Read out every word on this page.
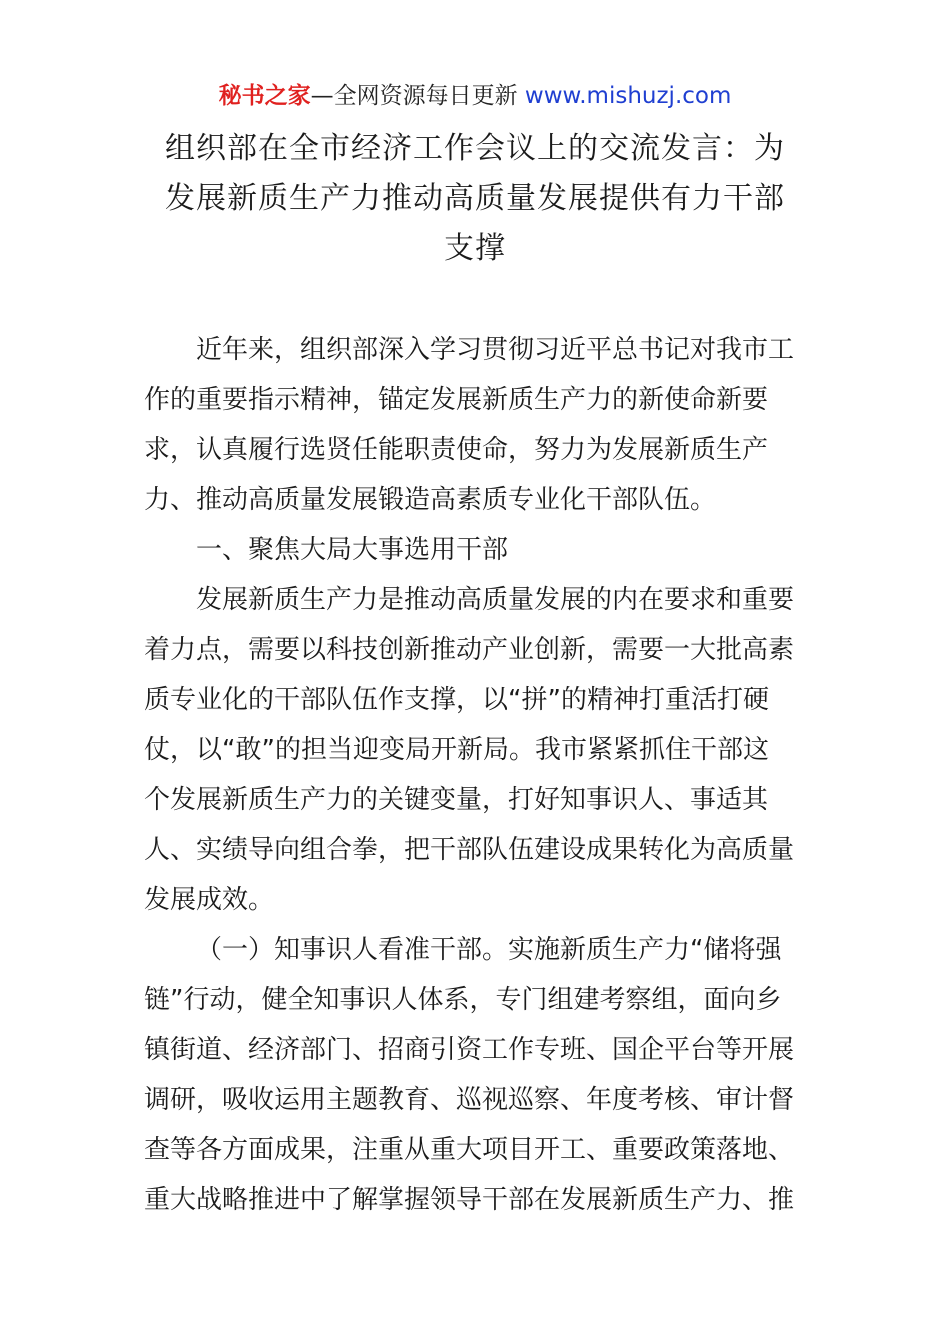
秘书之家—全网资源每日更新 www.mishuzj.com
组织部在全市经济工作会议上的交流发言：为
发展新质生产力推动高质量发展提供有力干部
支撑
近年来，组织部深入学习贯彻习近平总书记对我市工
作的重要指示精神，锚定发展新质生产力的新使命新要
求，认真履行选贤任能职责使命，努力为发展新质生产
力、推动高质量发展锻造高素质专业化干部队伍。
一、聚焦大局大事选用干部
发展新质生产力是推动高质量发展的内在要求和重要
着力点，需要以科技创新推动产业创新，需要一大批高素
质专业化的干部队伍作支撑，以“拼”的精神打重活打硬
仗，以“敢”的担当迎变局开新局。我市紧紧抓住干部这
个发展新质生产力的关键变量，打好知事识人、事适其
人、实绩导向组合拳，把干部队伍建设成果转化为高质量
发展成效。
（一）知事识人看准干部。实施新质生产力“储将强
链”行动，健全知事识人体系，专门组建考察组，面向乡
镇街道、经济部门、招商引资工作专班、国企平台等开展
调研，吸收运用主题教育、巡视巡察、年度考核、审计督
查等各方面成果，注重从重大项目开工、重要政策落地、
重大战略推进中了解掌握领导干部在发展新质生产力、推
